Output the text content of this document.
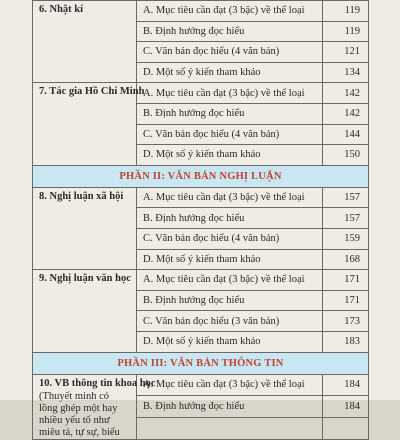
6. Nhật kí	A. Mục tiêu cần đạt (3 bậc) về thể loại	119
	B. Định hướng đọc hiểu	119
	C. Văn bản đọc hiểu (4 văn bản)	121
	D. Một số ý kiến tham khảo	134
7. Tác gia Hồ Chí Minh	A. Mục tiêu cần đạt (3 bậc) về thể loại	142
	B. Định hướng đọc hiểu	142
	C. Văn bản đọc hiểu (4 văn bản)	144
	D. Một số ý kiến tham khảo	150
PHẦN II: VĂN BẢN NGHỊ LUẬN		
8. Nghị luận xã hội	A. Mục tiêu cần đạt (3 bậc) về thể loại	157
	B. Định hướng đọc hiểu	157
	C. Văn bản đọc hiểu (4 văn bản)	159
	D. Một số ý kiến tham khảo	168
9. Nghị luận văn học	A. Mục tiêu cần đạt (3 bậc) về thể loại	171
	B. Định hướng đọc hiểu	171
	C. Văn bản đọc hiểu (3 văn bản)	173
	D. Một số ý kiến tham khảo	183
PHẦN III: VĂN BẢN THÔNG TIN		
10. VB thông tin khoa học
(Thuyết minh có lồng ghép một hay nhiều yếu tố như miêu tả, tự sự, biểu	A. Mục tiêu cần đạt (3 bậc) về thể loại	184
	B. Định hướng đọc hiểu	184
